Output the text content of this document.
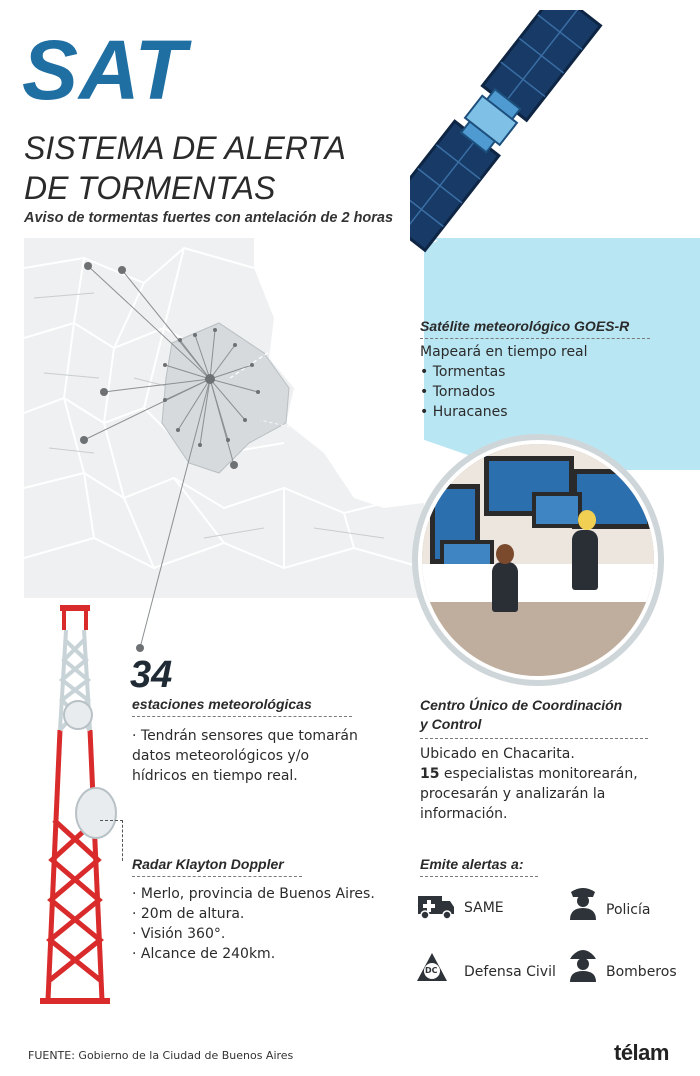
SAT
SISTEMA DE ALERTA
DE TORMENTAS
Aviso de tormentas fuertes con antelación de 2 horas
Satélite meteorológico GOES-R
Mapeará en tiempo real
• Tormentas
• Tornados
• Huracanes
34
estaciones meteorológicas
· Tendrán sensores que tomarán
datos meteorológicos y/o
hídricos en tiempo real.
Centro Único de Coordinación
y Control
Ubicado en Chacarita.
15 especialistas monitorearán,
procesarán y analizarán la
información.
Radar Klayton Doppler
· Merlo, provincia de Buenos Aires.
· 20m de altura.
· Visión 360°.
· Alcance de 240km.
Emite alertas a:
SAME	Policía
DC Defensa Civil	Bomberos
FUENTE: Gobierno de la Ciudad de Buenos Aires	télam
